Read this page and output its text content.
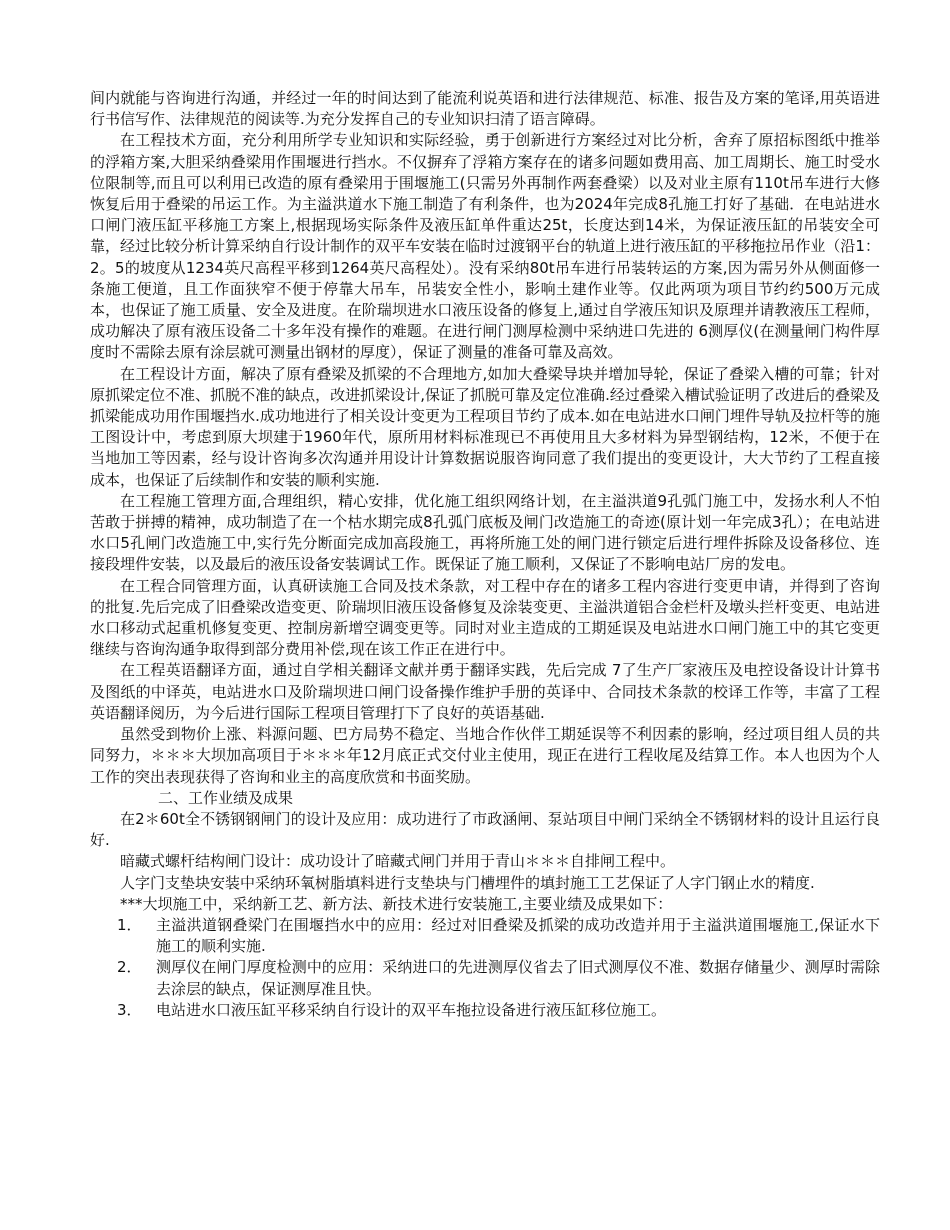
间内就能与咨询进行沟通，并经过一年的时间达到了能流利说英语和进行法律规范、标准、报告及方案的笔译,用英语进行书信写作、法律规范的阅读等.为充分发挥自己的专业知识扫清了语言障碍。

在工程技术方面，充分利用所学专业知识和实际经验，勇于创新进行方案经过对比分析，舍弃了原招标图纸中推举的浮箱方案,大胆采纳叠梁用作围堰进行挡水。不仅摒弃了浮箱方案存在的诸多问题如费用高、加工周期长、施工时受水位限制等,而且可以利用已改造的原有叠梁用于围堰施工(只需另外再制作两套叠梁）以及对业主原有110t吊车进行大修恢复后用于叠梁的吊运工作。为主溢洪道水下施工制造了有利条件，也为2024年完成8孔施工打好了基础．在电站进水口闸门液压缸平移施工方案上,根据现场实际条件及液压缸单件重达25t，长度达到14米，为保证液压缸的吊装安全可靠，经过比较分析计算采纳自行设计制作的双平车安装在临时过渡钢平台的轨道上进行液压缸的平移拖拉吊作业（沿1：2。5的坡度从1234英尺高程平移到1264英尺高程处）。没有采纳80t吊车进行吊装转运的方案,因为需另外从侧面修一条施工便道，且工作面狭窄不便于停靠大吊车，吊装安全性小，影响土建作业等。仅此两项为项目节约约500万元成本，也保证了施工质量、安全及进度。在阶瑞坝进水口液压设备的修复上,通过自学液压知识及原理并请教液压工程师，成功解决了原有液压设备二十多年没有操作的难题。在进行闸门测厚检测中采纳进口先进的 6测厚仪(在测量闸门构件厚度时不需除去原有涂层就可测量出钢材的厚度），保证了测量的准备可靠及高效。

在工程设计方面，解决了原有叠梁及抓梁的不合理地方,如加大叠梁导块并增加导轮，保证了叠梁入槽的可靠；针对原抓梁定位不准、抓脱不准的缺点，改进抓梁设计,保证了抓脱可靠及定位准确.经过叠梁入槽试验证明了改进后的叠梁及抓梁能成功用作围堰挡水.成功地进行了相关设计变更为工程项目节约了成本.如在电站进水口闸门埋件导轨及拉杆等的施工图设计中，考虑到原大坝建于1960年代，原所用材料标准现已不再使用且大多材料为异型钢结构，12米，不便于在当地加工等因素，经与设计咨询多次沟通并用设计计算数据说服咨询同意了我们提出的变更设计，大大节约了工程直接成本，也保证了后续制作和安装的顺利实施.

在工程施工管理方面,合理组织，精心安排，优化施工组织网络计划，在主溢洪道9孔弧门施工中，发扬水利人不怕苦敢于拼搏的精神，成功制造了在一个枯水期完成8孔弧门底板及闸门改造施工的奇迹(原计划一年完成3孔）；在电站进水口5孔闸门改造施工中,实行先分断面完成加高段施工，再将所施工处的闸门进行锁定后进行埋件拆除及设备移位、连接段埋件安装，以及最后的液压设备安装调试工作。既保证了施工顺利，又保证了不影响电站厂房的发电。

在工程合同管理方面，认真研读施工合同及技术条款，对工程中存在的诸多工程内容进行变更申请，并得到了咨询的批复.先后完成了旧叠梁改造变更、阶瑞坝旧液压设备修复及涂装变更、主溢洪道铝合金栏杆及墩头拦杆变更、电站进水口移动式起重机修复变更、控制房新增空调变更等。同时对业主造成的工期延误及电站进水口闸门施工中的其它变更继续与咨询沟通争取得到部分费用补偿,现在该工作正在进行中。

在工程英语翻译方面，通过自学相关翻译文献并勇于翻译实践，先后完成 7了生产厂家液压及电控设备设计计算书及图纸的中译英，电站进水口及阶瑞坝进口闸门设备操作维护手册的英译中、合同技术条款的校译工作等，丰富了工程英语翻译阅历，为今后进行国际工程项目管理打下了良好的英语基础.

虽然受到物价上涨、料源问题、巴方局势不稳定、当地合作伙伴工期延误等不利因素的影响，经过项目组人员的共同努力，＊＊＊大坝加高项目于＊＊＊年12月底正式交付业主使用，现正在进行工程收尾及结算工作。本人也因为个人工作的突出表现获得了咨询和业主的高度欣赏和书面奖励。

二、工作业绩及成果

在2＊60t全不锈钢钢闸门的设计及应用：成功进行了市政涵闸、泵站项目中闸门采纳全不锈钢材料的设计且运行良好.

暗藏式螺杆结构闸门设计：成功设计了暗藏式闸门并用于青山＊＊＊自排闸工程中。

人字门支垫块安装中采纳环氧树脂填料进行支垫块与门槽埋件的填封施工工艺保证了人字门钢止水的精度.

***大坝施工中，采纳新工艺、新方法、新技术进行安装施工,主要业绩及成果如下：

1． 主溢洪道钢叠梁门在围堰挡水中的应用：经过对旧叠梁及抓梁的成功改造并用于主溢洪道围堰施工,保证水下施工的顺利实施.
2． 测厚仪在闸门厚度检测中的应用：采纳进口的先进测厚仪省去了旧式测厚仪不准、数据存储量少、测厚时需除去涂层的缺点，保证测厚准且快。
3． 电站进水口液压缸平移采纳自行设计的双平车拖拉设备进行液压缸移位施工。
